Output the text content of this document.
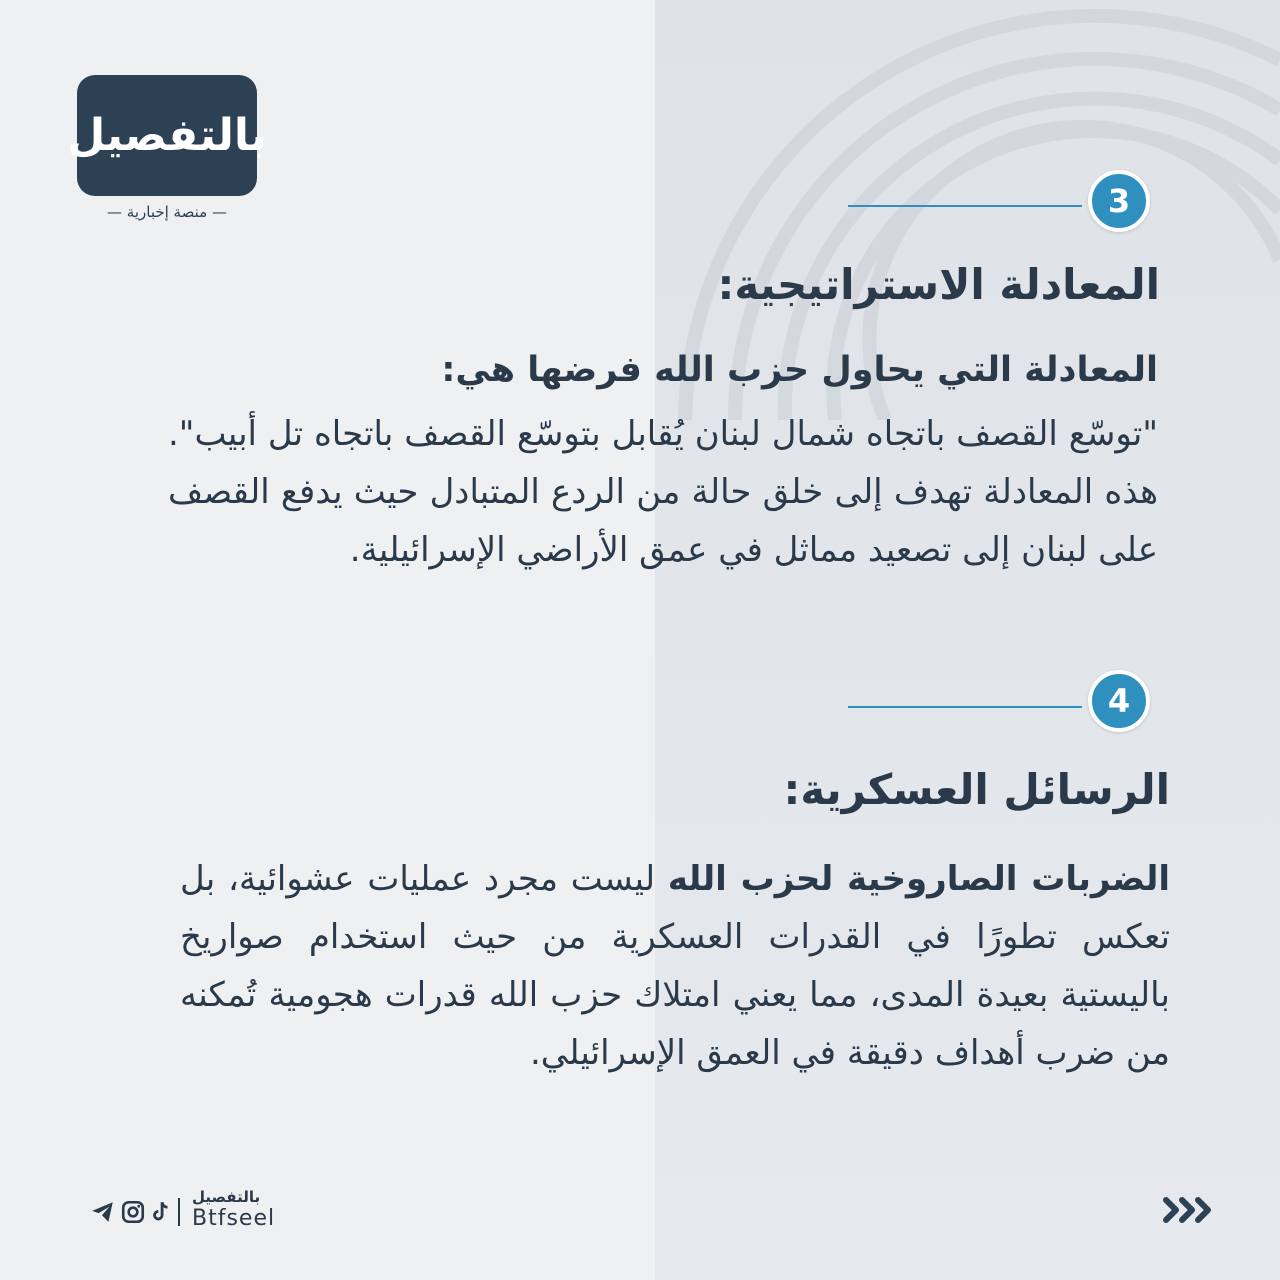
بالتفصيل
— منصة إخبارية —	3
المعادلة الاستراتيجية:
المعادلة التي يحاول حزب الله فرضها هي:
"توسّع القصف باتجاه شمال لبنان يُقابل بتوسّع القصف باتجاه تل أبيب". هذه المعادلة تهدف إلى خلق حالة من الردع المتبادل حيث يدفع القصف على لبنان إلى تصعيد مماثل في عمق الأراضي الإسرائيلية.
4
الرسائل العسكرية:
الضربات الصاروخية لحزب الله ليست مجرد عمليات عشوائية، بل تعكس تطورًا في القدرات العسكرية من حيث استخدام صواريخ باليستية بعيدة المدى، مما يعني امتلاك حزب الله قدرات هجومية تُمكنه من ضرب أهداف دقيقة في العمق الإسرائيلي.
بالتفصيل
Btfseel
